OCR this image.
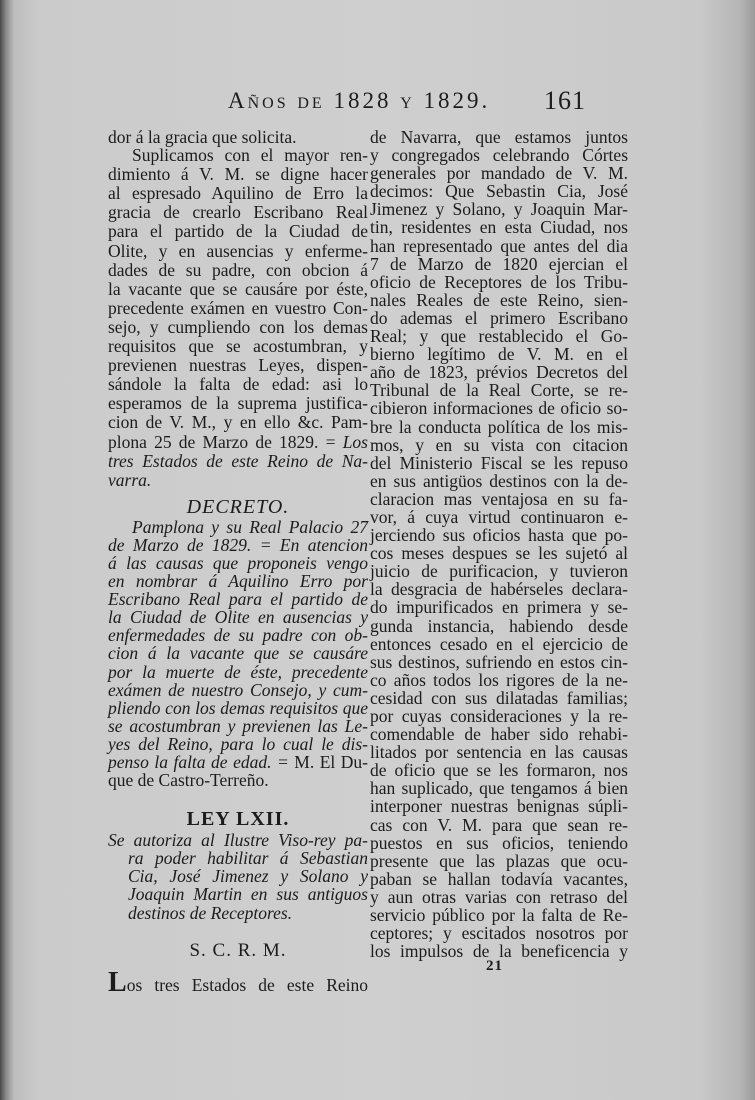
Años de 1828 y 1829. 161
dor á la gracia que solicita.
Suplicamos con el mayor ren-
dimiento á V. M. se digne hacer
al espresado Aquilino de Erro la
gracia de crearlo Escribano Real
para el partido de la Ciudad de
Olite, y en ausencias y enferme-
dades de su padre, con obcion á
la vacante que se causáre por éste,
precedente exámen en vuestro Con-
sejo, y cumpliendo con los demas
requisitos que se acostumbran, y
previenen nuestras Leyes, dispen-
sándole la falta de edad: asi lo
esperamos de la suprema justifica-
cion de V. M., y en ello &c. Pam-
plona 25 de Marzo de 1829. = Los
tres Estados de este Reino de Na-
varra.
DECRETO.
Pamplona y su Real Palacio 27
de Marzo de 1829. = En atencion
á las causas que proponeis vengo
en nombrar á Aquilino Erro por
Escribano Real para el partido de
la Ciudad de Olite en ausencias y
enfermedades de su padre con ob-
cion á la vacante que se causáre
por la muerte de éste, precedente
exámen de nuestro Consejo, y cum-
pliendo con los demas requisitos que
se acostumbran y previenen las Le-
yes del Reino, para lo cual le dis-
penso la falta de edad. = M. El Du-
que de Castro-Terreño.
LEY LXII.
Se autoriza al Ilustre Viso-rey pa-
ra poder habilitar á Sebastian
Cia, José Jimenez y Solano y
Joaquin Martin en sus antiguos
destinos de Receptores.
S. C. R. M.
Los tres Estados de este Reino
de Navarra, que estamos juntos
y congregados celebrando Córtes
generales por mandado de V. M.
decimos: Que Sebastin Cia, José
Jimenez y Solano, y Joaquin Mar-
tin, residentes en esta Ciudad, nos
han representado que antes del dia
7 de Marzo de 1820 ejercian el
oficio de Receptores de los Tribu-
nales Reales de este Reino, sien-
do ademas el primero Escribano
Real; y que restablecido el Go-
bierno legítimo de V. M. en el
año de 1823, prévios Decretos del
Tribunal de la Real Corte, se re-
cibieron informaciones de oficio so-
bre la conducta política de los mis-
mos, y en su vista con citacion
del Ministerio Fiscal se les repuso
en sus antigüos destinos con la de-
claracion mas ventajosa en su fa-
vor, á cuya virtud continuaron e-
jerciendo sus oficios hasta que po-
cos meses despues se les sujetó al
juicio de purificacion, y tuvieron
la desgracia de habérseles declara-
do impurificados en primera y se-
gunda instancia, habiendo desde
entonces cesado en el ejercicio de
sus destinos, sufriendo en estos cin-
co años todos los rigores de la ne-
cesidad con sus dilatadas familias;
por cuyas consideraciones y la re-
comendable de haber sido rehabi-
litados por sentencia en las causas
de oficio que se les formaron, nos
han suplicado, que tengamos á bien
interponer nuestras benignas súpli-
cas con V. M. para que sean re-
puestos en sus oficios, teniendo
presente que las plazas que ocu-
paban se hallan todavía vacantes,
y aun otras varias con retraso del
servicio público por la falta de Re-
ceptores; y escitados nosotros por
los impulsos de la beneficencia y
21
